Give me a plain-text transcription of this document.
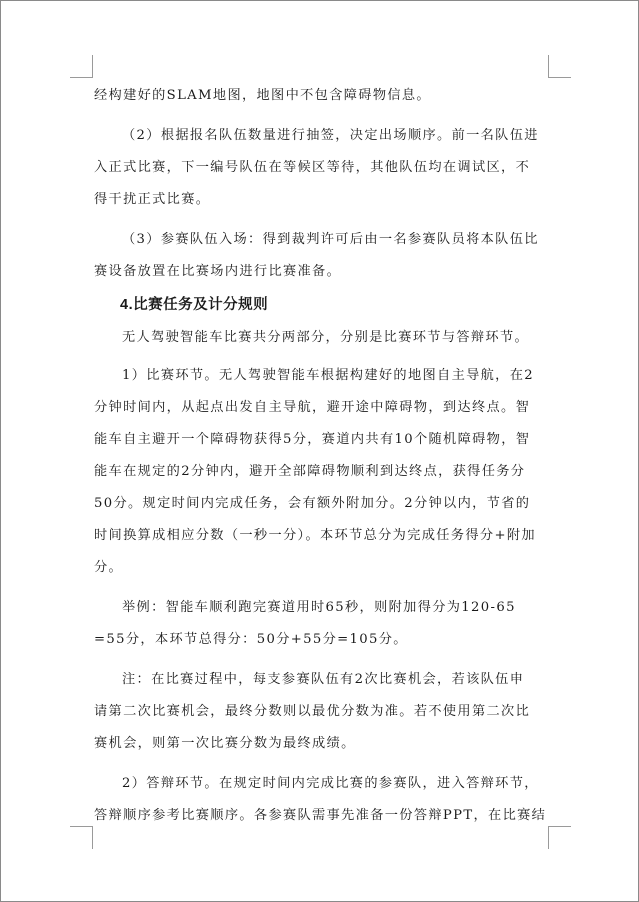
经构建好的SLAM地图，地图中不包含障碍物信息。
（2）根据报名队伍数量进行抽签，决定出场顺序。前一名队伍进
入正式比赛，下一编号队伍在等候区等待，其他队伍均在调试区，不
得干扰正式比赛。
（3）参赛队伍入场：得到裁判许可后由一名参赛队员将本队伍比
赛设备放置在比赛场内进行比赛准备。
4.比赛任务及计分规则
无人驾驶智能车比赛共分两部分，分别是比赛环节与答辩环节。
1）比赛环节。无人驾驶智能车根据构建好的地图自主导航，在2
分钟时间内，从起点出发自主导航，避开途中障碍物，到达终点。智
能车自主避开一个障碍物获得5分，赛道内共有10个随机障碍物，智
能车在规定的2分钟内，避开全部障碍物顺利到达终点，获得任务分
50分。规定时间内完成任务，会有额外附加分。2分钟以内，节省的
时间换算成相应分数（一秒一分）。本环节总分为完成任务得分+附加
分。
举例：智能车顺利跑完赛道用时65秒，则附加得分为120-65
=55分，本环节总得分：50分+55分=105分。
注：在比赛过程中，每支参赛队伍有2次比赛机会，若该队伍申
请第二次比赛机会，最终分数则以最优分数为准。若不使用第二次比
赛机会，则第一次比赛分数为最终成绩。
2）答辩环节。在规定时间内完成比赛的参赛队，进入答辩环节，
答辩顺序参考比赛顺序。各参赛队需事先准备一份答辩PPT，在比赛结
